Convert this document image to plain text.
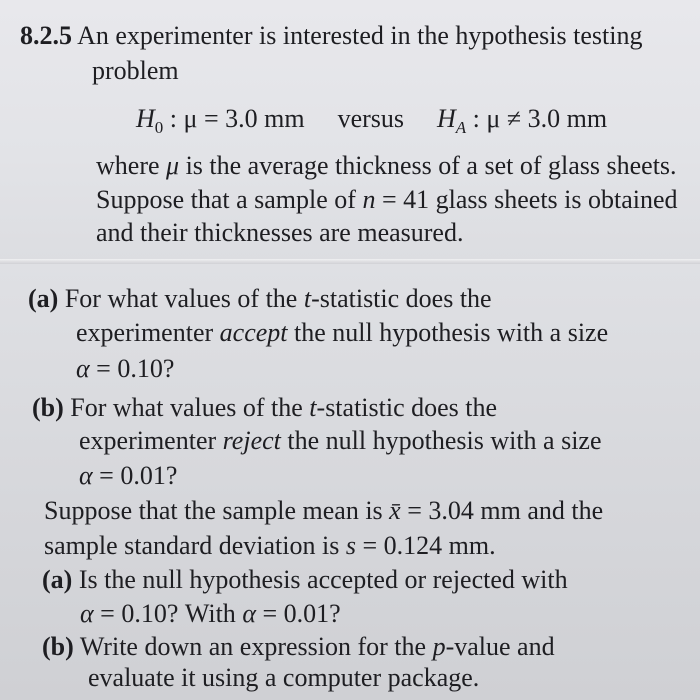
8.2.5 An experimenter is interested in the hypothesis testing
problem
$H_0$ : μ = 3.0 mm versus $H_A$ : μ ≠ 3.0 mm
where μ is the average thickness of a set of glass sheets.
Suppose that a sample of n = 41 glass sheets is obtained
and their thicknesses are measured.
(a) For what values of the t-statistic does the
experimenter accept the null hypothesis with a size
α = 0.10?
(b) For what values of the t-statistic does the
experimenter reject the null hypothesis with a size
α = 0.01?
Suppose that the sample mean is x̄ = 3.04 mm and the
sample standard deviation is s = 0.124 mm.
(a) Is the null hypothesis accepted or rejected with
α = 0.10? With α = 0.01?
(b) Write down an expression for the p-value and
evaluate it using a computer package.
